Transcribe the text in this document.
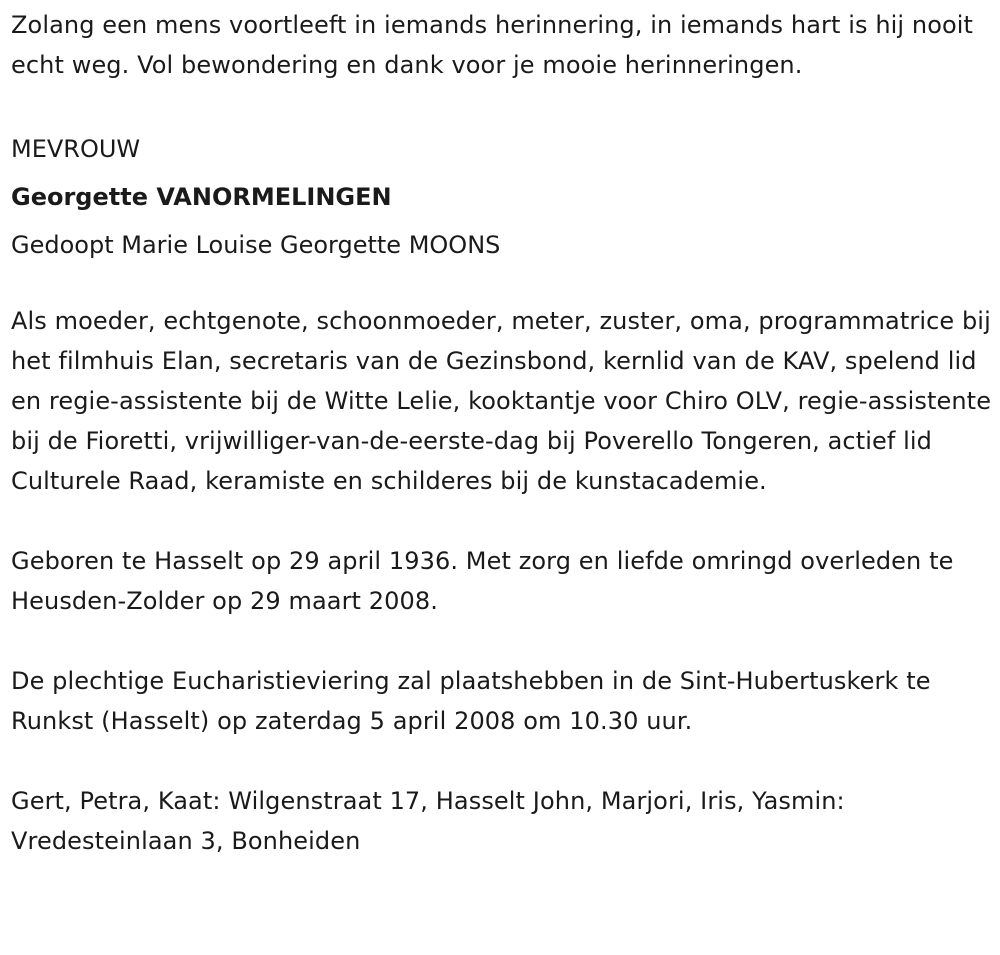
Zolang een mens voortleeft in iemands herinnering, in iemands hart is hij nooit echt weg. Vol bewondering en dank voor je mooie herinneringen.

MEVROUW

Georgette VANORMELINGEN

Gedoopt Marie Louise Georgette MOONS

Als moeder, echtgenote, schoonmoeder, meter, zuster, oma, programmatrice bij het filmhuis Elan, secretaris van de Gezinsbond, kernlid van de KAV, spelend lid en regie-assistente bij de Witte Lelie, kooktantje voor Chiro OLV, regie-assistente bij de Fioretti, vrijwilliger-van-de-eerste-dag bij Poverello Tongeren, actief lid Culturele Raad, keramiste en schilderes bij de kunstacademie.

Geboren te Hasselt op 29 april 1936. Met zorg en liefde omringd overleden te Heusden-Zolder op 29 maart 2008.

De plechtige Eucharistieviering zal plaatshebben in de Sint-Hubertuskerk te Runkst (Hasselt) op zaterdag 5 april 2008 om 10.30 uur.

Gert, Petra, Kaat: Wilgenstraat 17, Hasselt John, Marjori, Iris, Yasmin: Vredesteinlaan 3, Bonheiden
